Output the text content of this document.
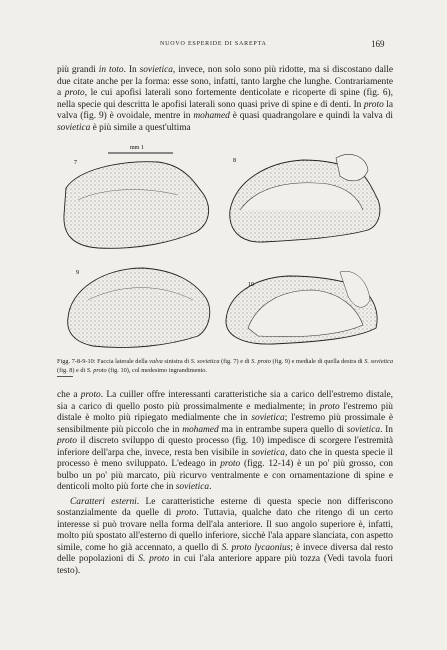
NUOVO ESPERIDE DI SAREPTA	169

più grandi in toto. In sovietica, invece, non solo sono più ridotte, ma si discostano dalle due citate anche per la forma: esse sono, infatti, tanto larghe che lunghe. Contrariamente a proto, le cui apofisi laterali sono fortemente denticolate e ricoperte di spine (fig. 6), nella specie qui descritta le apofisi laterali sono quasi prive di spine e di denti. In proto la valva (fig. 9) è ovoidale, mentre in mohamed è quasi quadrangolare e quindi la valva di sovietica è più simile a quest'ultima

mm 1
7	8
9
10
Figg. 7-8-9-10: Faccia laterale della valva sinistra di S. sovietica (fig. 7) e di S. proto (fig. 9) e mediale di quella destra di S. sovietica (fig. 8) e di S. proto (fig. 10), col medesimo ingrandimento.

che a proto. La cuiller offre interessanti caratteristiche sia a carico dell'estremo distale, sia a carico di quello posto più prossimalmente e medialmente; in proto l'estremo più distale è molto più ripiegato medialmente che in sovietica; l'estremo più prossimale è sensibilmente più piccolo che in mohamed ma in entrambe supera quello di sovietica. In proto il discreto sviluppo di questo processo (fig. 10) impedisce di scorgere l'estremità inferiore dell'arpa che, invece, resta ben visibile in sovietica, dato che in questa specie il processo è meno sviluppato. L'edeago in proto (figg. 12-14) è un po' più grosso, con bulbo un po' più marcato, più ricurvo ventralmente e con ornamentazione di spine e denticoli molto più forte che in sovietica.

Caratteri esterni. Le caratteristiche esterne di questa specie non differiscono sostanzialmente da quelle di proto. Tuttavia, qualche dato che ritengo di un certo interesse si può trovare nella forma dell'ala anteriore. Il suo angolo superiore è, infatti, molto più spostato all'esterno di quello inferiore, sicchè l'ala appare slanciata, con aspetto simile, come ho già accennato, a quello di S. proto lycaonius; è invece diversa dal resto delle popolazioni di S. proto in cui l'ala anteriore appare più tozza (Vedi tavola fuori testo).
